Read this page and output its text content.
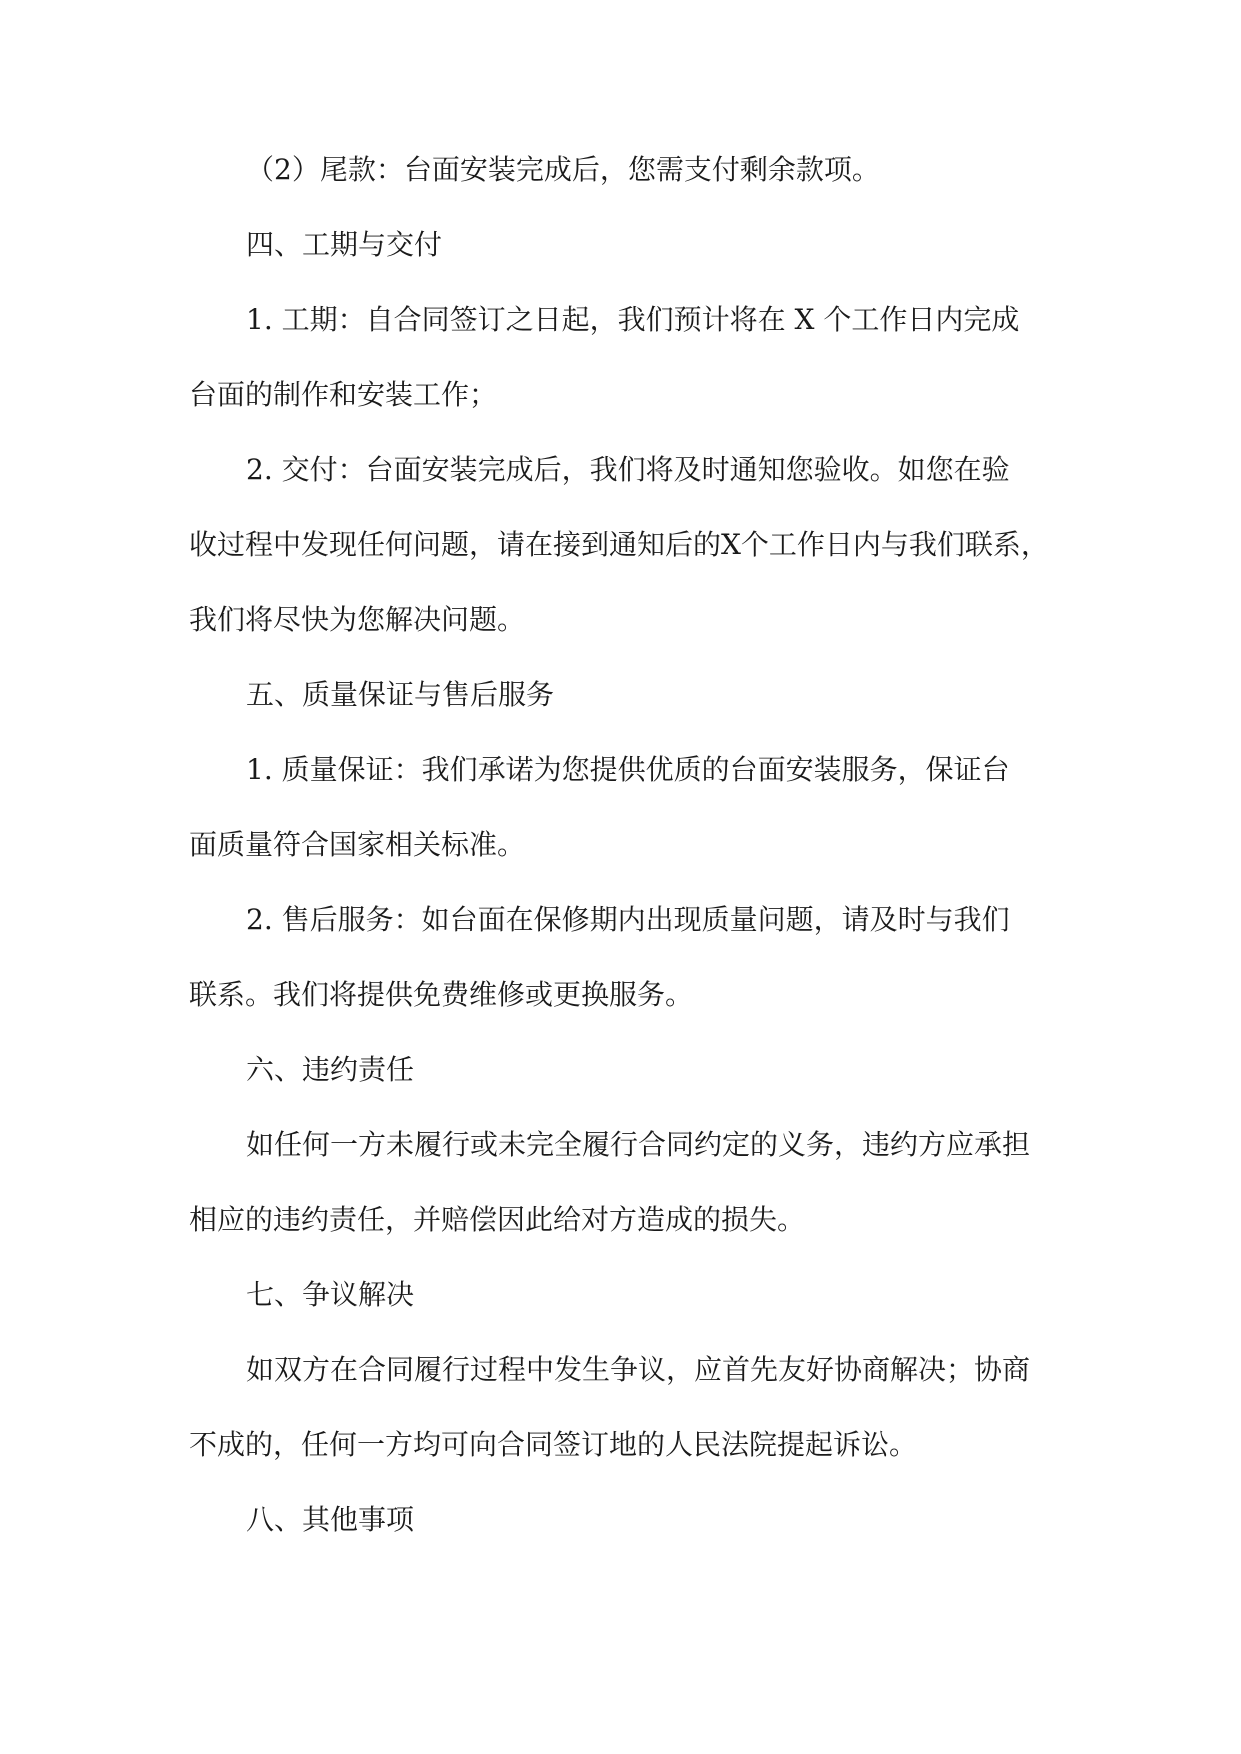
（2）尾款：台面安装完成后，您需支付剩余款项。
四、工期与交付
1. 工期：自合同签订之日起，我们预计将在 X 个工作日内完成
台面的制作和安装工作；
2. 交付：台面安装完成后，我们将及时通知您验收。如您在验
收过程中发现任何问题，请在接到通知后的X个工作日内与我们联系，
我们将尽快为您解决问题。
五、质量保证与售后服务
1. 质量保证：我们承诺为您提供优质的台面安装服务，保证台
面质量符合国家相关标准。
2. 售后服务：如台面在保修期内出现质量问题，请及时与我们
联系。我们将提供免费维修或更换服务。
六、违约责任
如任何一方未履行或未完全履行合同约定的义务，违约方应承担
相应的违约责任，并赔偿因此给对方造成的损失。
七、争议解决
如双方在合同履行过程中发生争议，应首先友好协商解决；协商
不成的，任何一方均可向合同签订地的人民法院提起诉讼。
八、其他事项
